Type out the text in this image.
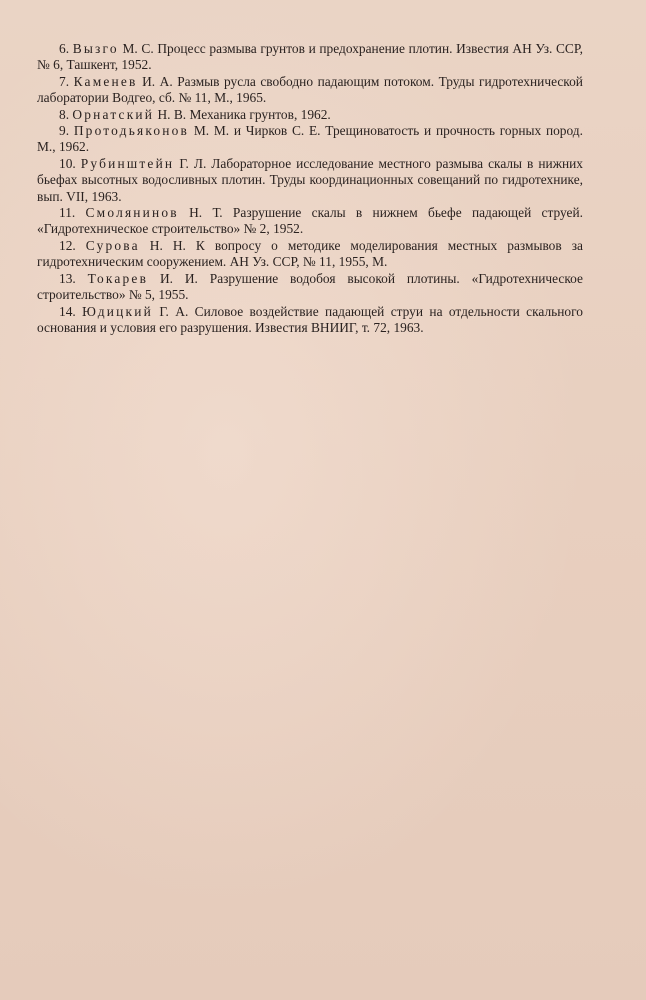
6. Вызго М. С. Процесс размыва грунтов и предохранение плотин. Известия АН Уз. ССР, № 6, Ташкент, 1952.
7. Каменев И. А. Размыв русла свободно падающим потоком. Труды гидротехнической лаборатории Водгео, сб. № 11, М., 1965.
8. Орнатский Н. В. Механика грунтов, 1962.
9. Протодьяконов М. М. и Чирков С. Е. Трещиноватость и прочность горных пород. М., 1962.
10. Рубинштейн Г. Л. Лабораторное исследование местного размыва скалы в нижних бьефах высотных водосливных плотин. Труды координационных совещаний по гидротехнике, вып. VII, 1963.
11. Смолянинов Н. Т. Разрушение скалы в нижнем бьефе падающей струей. «Гидротехническое строительство» № 2, 1952.
12. Сурова Н. Н. К вопросу о методике моделирования местных размывов за гидротехническим сооружением. АН Уз. ССР, № 11, 1955, М.
13. Токарев И. И. Разрушение водобоя высокой плотины. «Гидротехническое строительство» № 5, 1955.
14. Юдицкий Г. А. Силовое воздействие падающей струи на отдельности скального основания и условия его разрушения. Известия ВНИИГ, т. 72, 1963.
